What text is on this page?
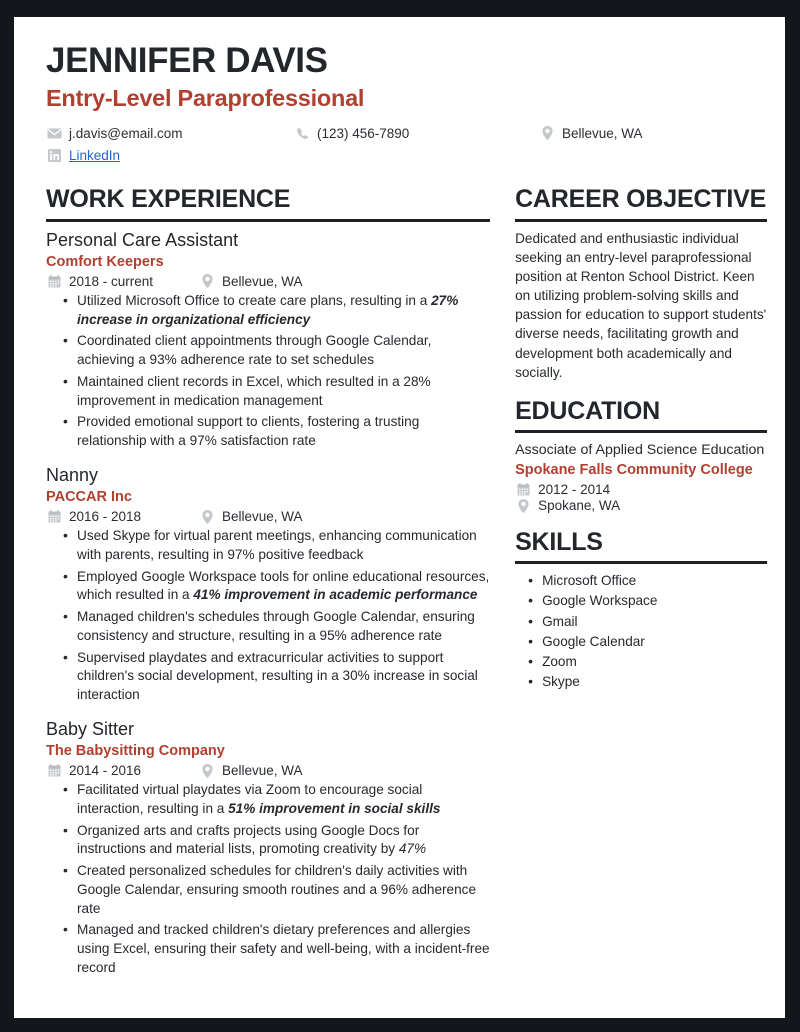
JENNIFER DAVIS
Entry-Level Paraprofessional
j.davis@email.com	(123) 456-7890	Bellevue, WA
LinkedIn
WORK EXPERIENCE
Personal Care Assistant
Comfort Keepers
2018 - current	Bellevue, WA
• Utilized Microsoft Office to create care plans, resulting in a 27% increase in organizational efficiency
• Coordinated client appointments through Google Calendar, achieving a 93% adherence rate to set schedules
• Maintained client records in Excel, which resulted in a 28% improvement in medication management
• Provided emotional support to clients, fostering a trusting relationship with a 97% satisfaction rate
Nanny
PACCAR Inc
2016 - 2018	Bellevue, WA
• Used Skype for virtual parent meetings, enhancing communication with parents, resulting in 97% positive feedback
• Employed Google Workspace tools for online educational resources, which resulted in a 41% improvement in academic performance
• Managed children's schedules through Google Calendar, ensuring consistency and structure, resulting in a 95% adherence rate
• Supervised playdates and extracurricular activities to support children's social development, resulting in a 30% increase in social interaction
Baby Sitter
The Babysitting Company
2014 - 2016	Bellevue, WA
• Facilitated virtual playdates via Zoom to encourage social interaction, resulting in a 51% improvement in social skills
• Organized arts and crafts projects using Google Docs for instructions and material lists, promoting creativity by 47%
• Created personalized schedules for children's daily activities with Google Calendar, ensuring smooth routines and a 96% adherence rate
• Managed and tracked children's dietary preferences and allergies using Excel, ensuring their safety and well-being, with a incident-free record
CAREER OBJECTIVE

Dedicated and enthusiastic individual seeking an entry-level paraprofessional position at Renton School District. Keen on utilizing problem-solving skills and passion for education to support students' diverse needs, facilitating growth and development both academically and socially.

EDUCATION

Associate of Applied Science Education

Spokane Falls Community College
2012 - 2014
Spokane, WA
SKILLS
• Microsoft Office
• Google Workspace
• Gmail
• Google Calendar
• Zoom
• Skype
